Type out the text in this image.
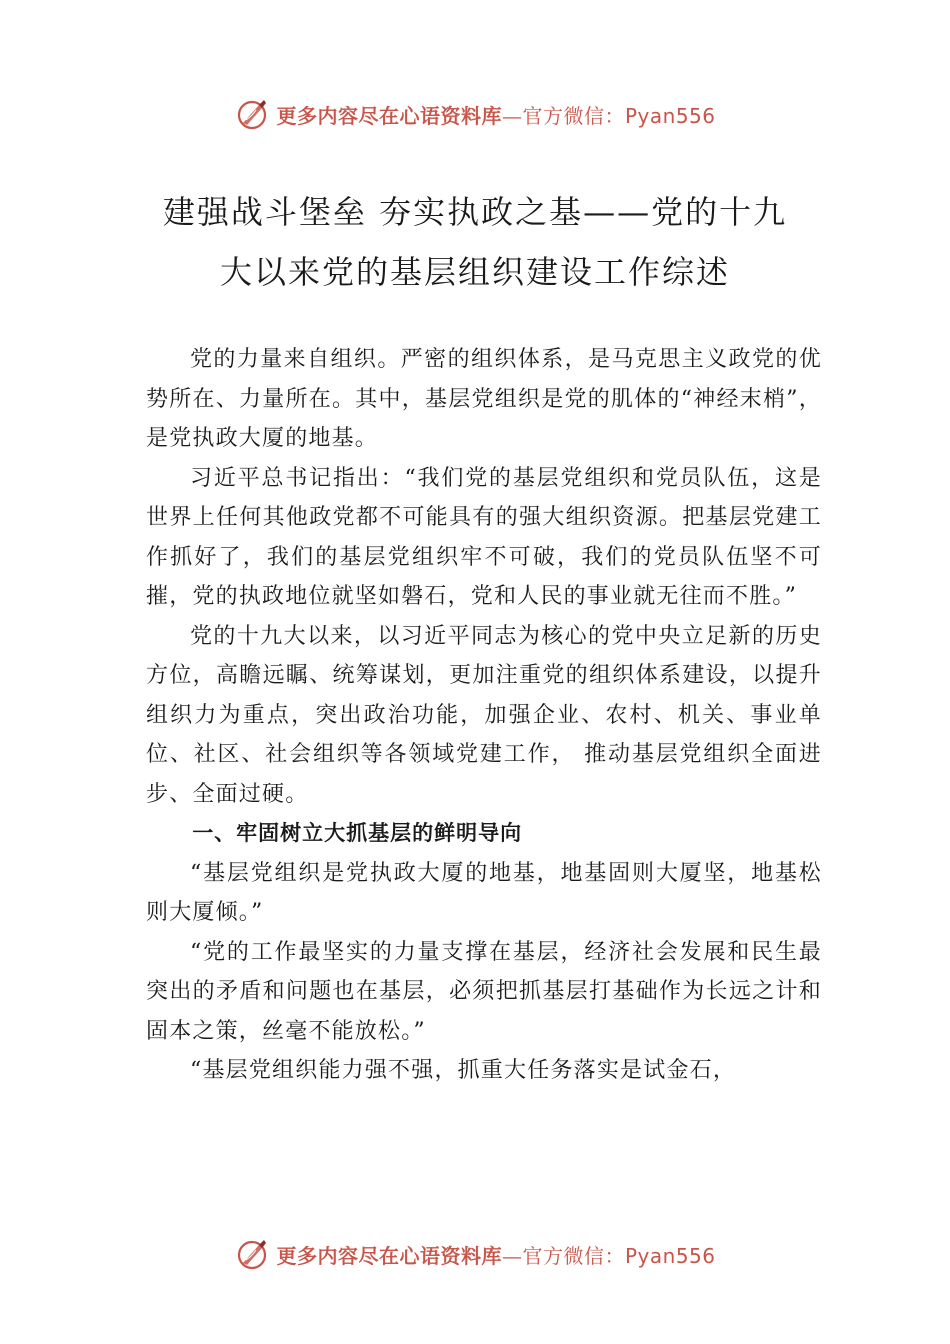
更多内容尽在心语资料库—官方微信：Pyan556
建强战斗堡垒 夯实执政之基——党的十九
大以来党的基层组织建设工作综述

党的力量来自组织。严密的组织体系，是马克思主义政党的优势所在、力量所在。其中，基层党组织是党的肌体的“神经末梢”，是党执政大厦的地基。

习近平总书记指出：“我们党的基层党组织和党员队伍，这是世界上任何其他政党都不可能具有的强大组织资源。把基层党建工作抓好了，我们的基层党组织牢不可破，我们的党员队伍坚不可摧，党的执政地位就坚如磐石，党和人民的事业就无往而不胜。”

党的十九大以来，以习近平同志为核心的党中央立足新的历史方位，高瞻远瞩、统筹谋划，更加注重党的组织体系建设，以提升组织力为重点，突出政治功能，加强企业、农村、机关、事业单位、社区、社会组织等各领域党建工作， 推动基层党组织全面进步、全面过硬。

一、牢固树立大抓基层的鲜明导向

“基层党组织是党执政大厦的地基，地基固则大厦坚，地基松则大厦倾。”

“党的工作最坚实的力量支撑在基层，经济社会发展和民生最突出的矛盾和问题也在基层，必须把抓基层打基础作为长远之计和固本之策，丝毫不能放松。”

“基层党组织能力强不强，抓重大任务落实是试金石，

更多内容尽在心语资料库—官方微信：Pyan556
